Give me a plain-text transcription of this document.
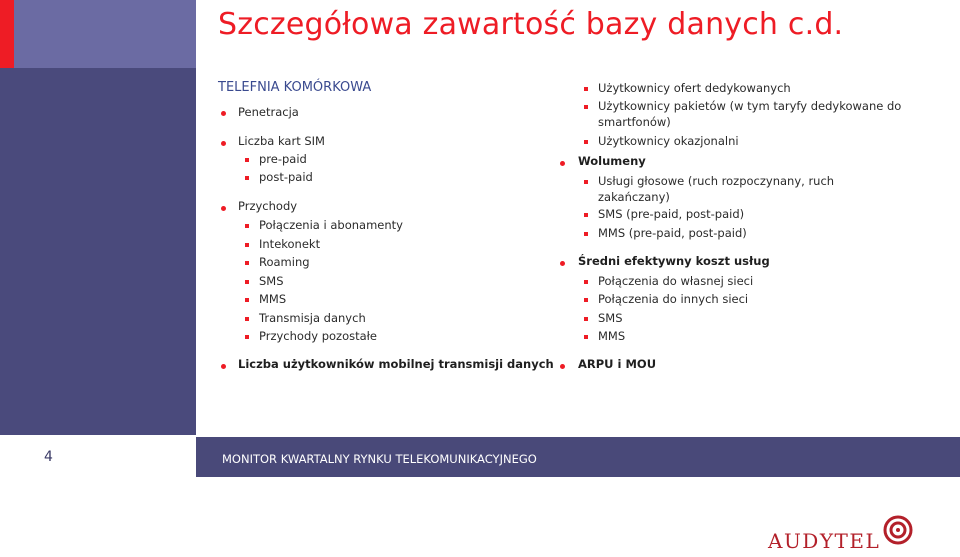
Szczegółowa zawartość bazy danych c.d.
TELEFNIA KOMÓRKOWA
Penetracja
Liczba kart SIM
pre-paid
post-paid
Przychody
Połączenia i abonamenty
Intekonekt
Roaming
SMS
MMS
Transmisja danych
Przychody pozostałe
Liczba użytkowników mobilnej transmisji danych
Użytkownicy ofert dedykowanych
Użytkownicy pakietów (w tym taryfy dedykowane do
smartfonów)
Użytkownicy okazjonalni
Wolumeny
Usługi głosowe (ruch rozpoczynany, ruch
zakańczany)
SMS (pre-paid, post-paid)
MMS (pre-paid, post-paid)
Średni efektywny koszt usług
Połączenia do własnej sieci
Połączenia do innych sieci
SMS
MMS
ARPU i MOU
4	MONITOR KWARTALNY RYNKU TELEKOMUNIKACYJNEGO
AUDYTEL
